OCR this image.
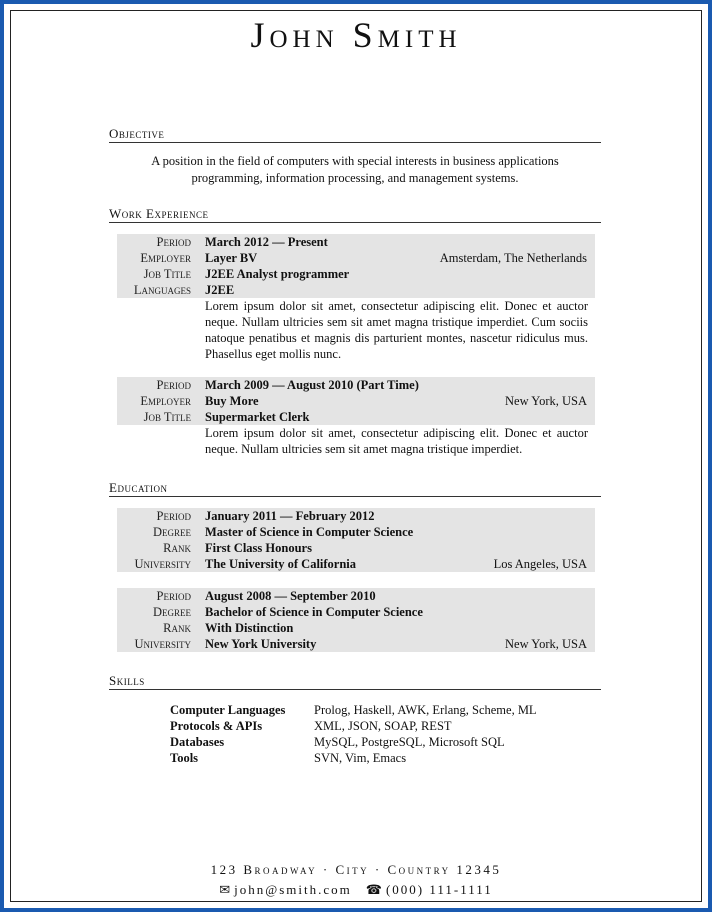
John Smith
Objective
A position in the field of computers with special interests in business applications programming, information processing, and management systems.
Work Experience
Period March 2012 — Present
Employer Layer BV	Amsterdam, The Netherlands
Job Title J2EE Analyst programmer
Languages J2EE
Lorem ipsum dolor sit amet, consectetur adipiscing elit. Donec et auctor neque. Nullam ultricies sem sit amet magna tristique imperdiet. Cum sociis natoque penatibus et magnis dis parturient montes, nascetur ridiculus mus. Phasellus eget mollis nunc.
Period March 2009 — August 2010 (Part Time)
Employer Buy More	New York, USA
Job Title Supermarket Clerk
Lorem ipsum dolor sit amet, consectetur adipiscing elit. Donec et auctor neque. Nullam ultricies sem sit amet magna tristique imperdiet.
Education
Period January 2011 — February 2012
Degree Master of Science in Computer Science
Rank First Class Honours
University The University of California	Los Angeles, USA
Period August 2008 — September 2010
Degree Bachelor of Science in Computer Science
Rank With Distinction
University New York University	New York, USA
Skills
Computer Languages Prolog, Haskell, AWK, Erlang, Scheme, ML
Protocols & APIs	XML, JSON, SOAP, REST
Databases	MySQL, PostgreSQL, Microsoft SQL
Tools	SVN, Vim, Emacs
123 Broadway · City · Country 12345
✉ john@smith.com ☎ (000) 111-1111
